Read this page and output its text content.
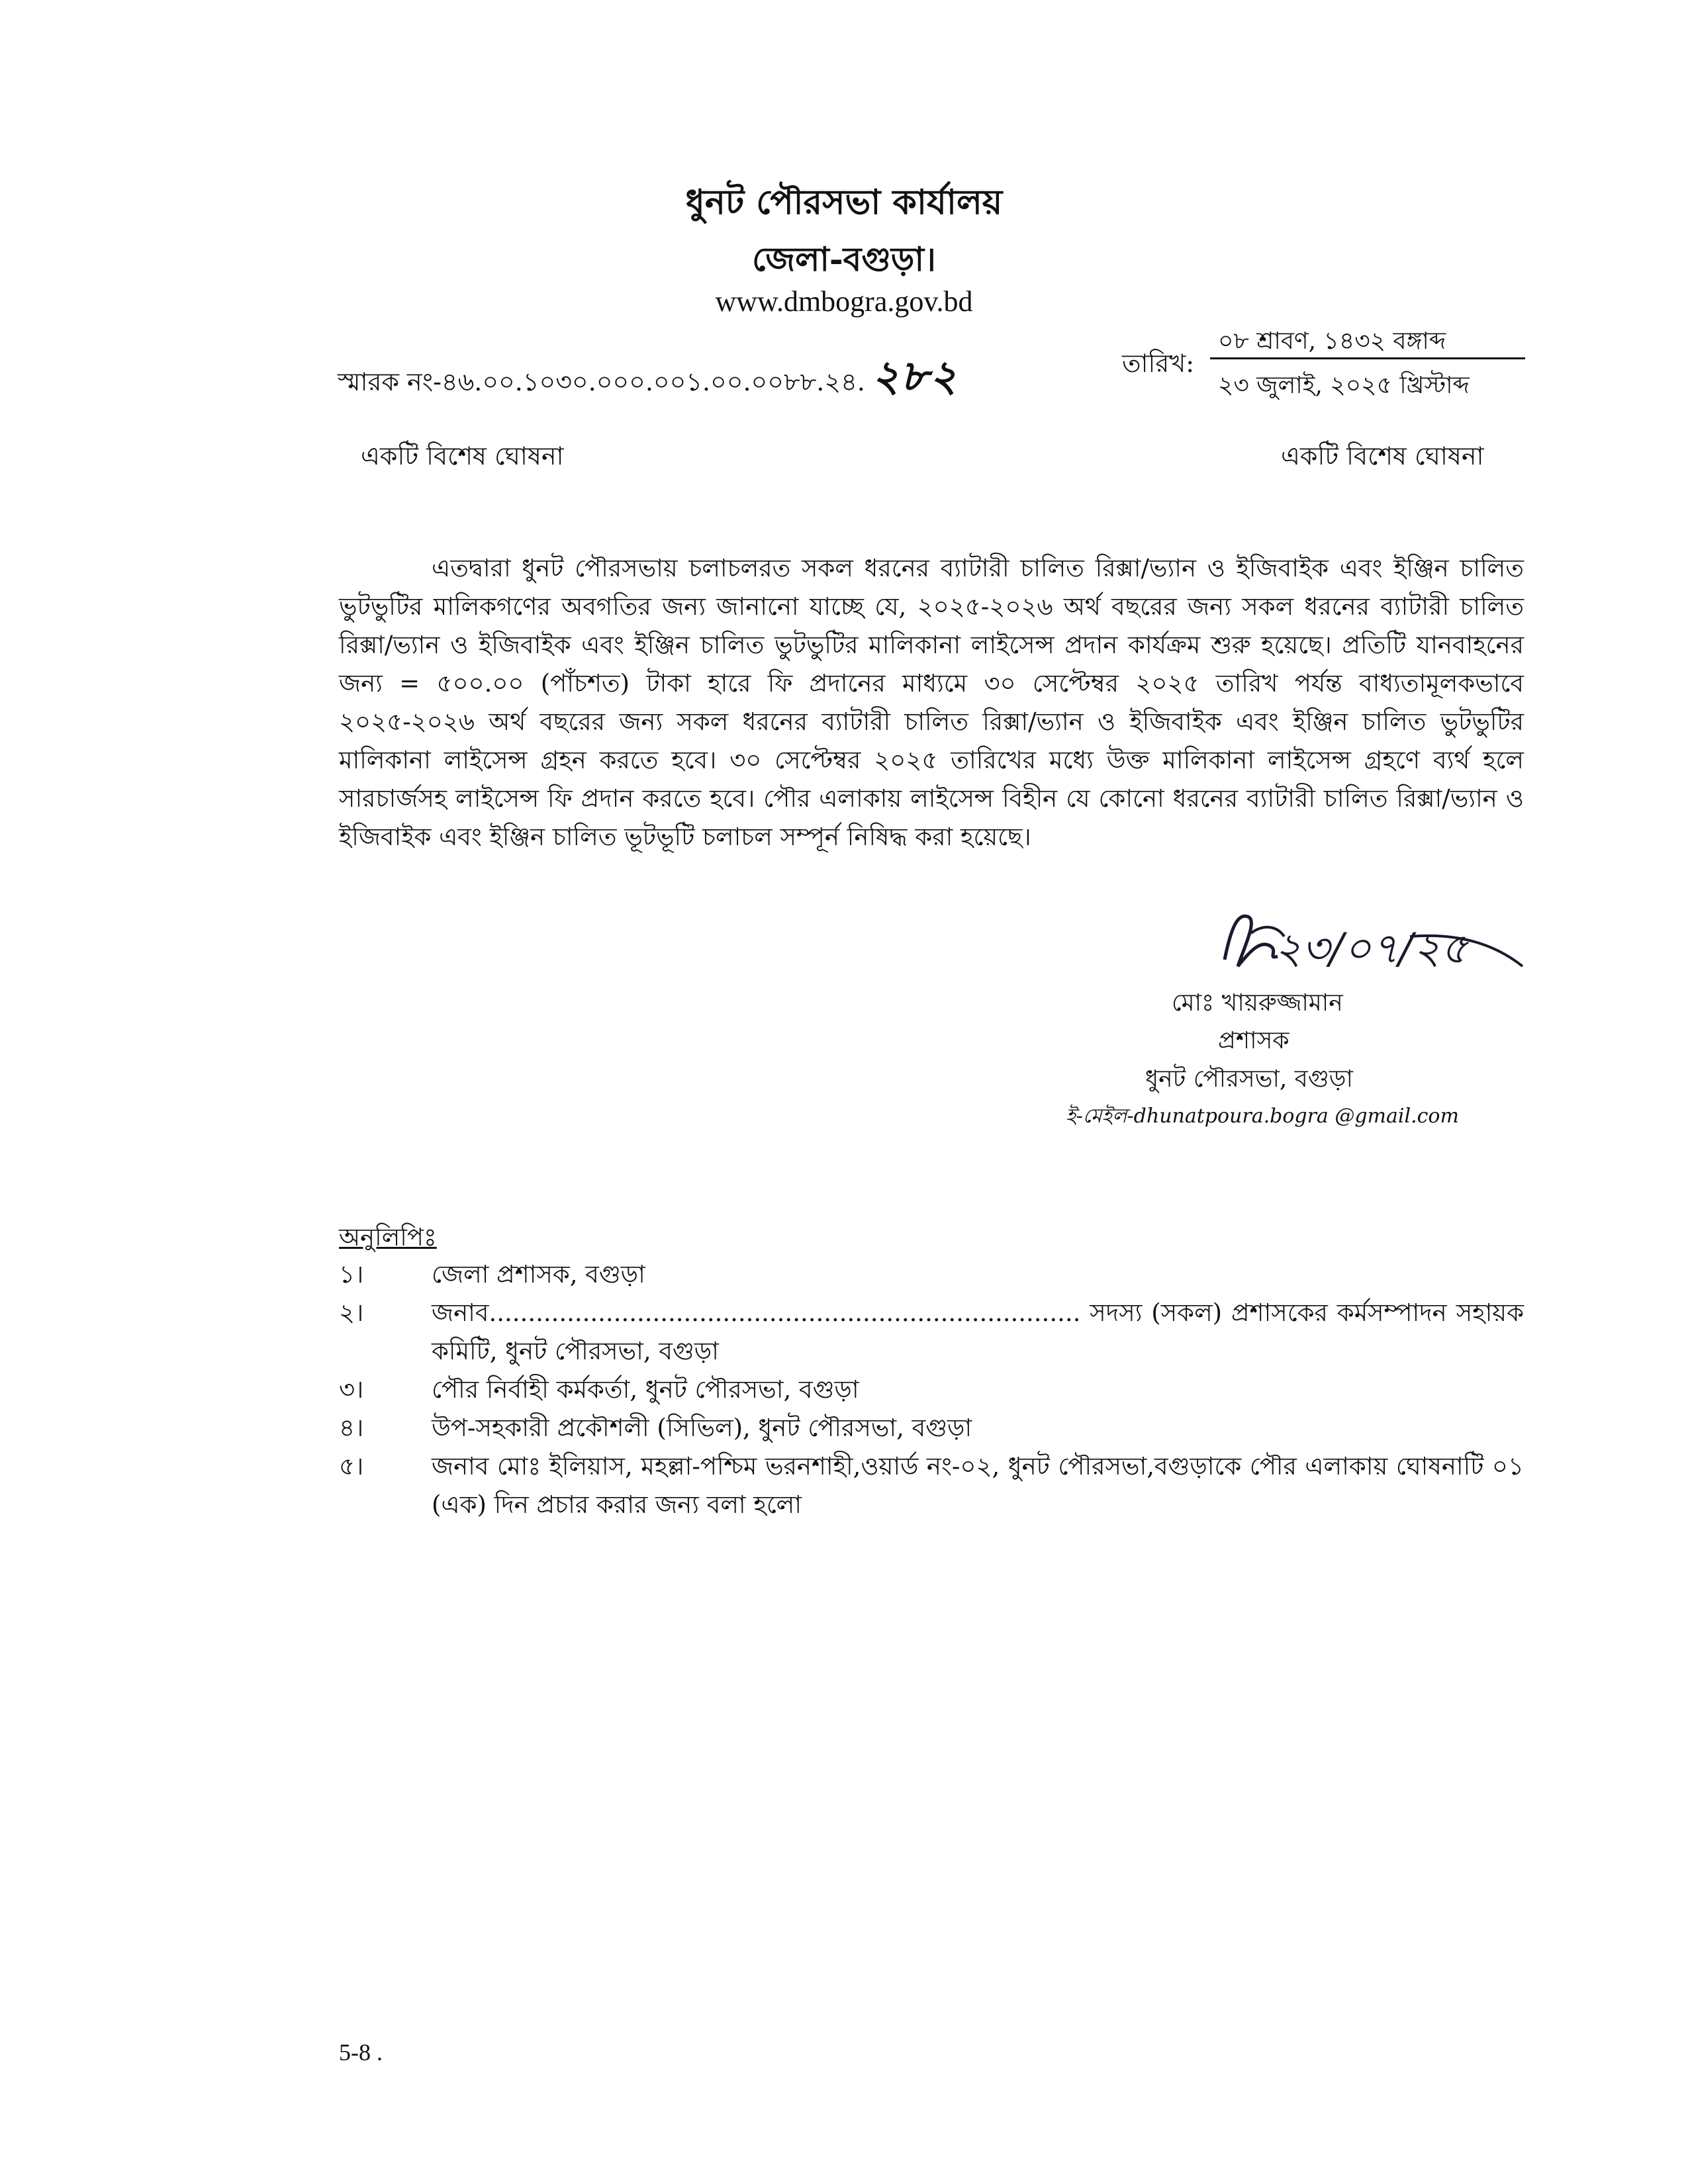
ধুনট পৌরসভা কার্যালয়
জেলা-বগুড়া।
www.dmbogra.gov.bd
স্মারক নং-৪৬.০০.১০৩০.০০০.০০১.০০.০০৮৮.২৪. ২৮২	তারিখ:
০৮ শ্রাবণ, ১৪৩২ বঙ্গাব্দ
২৩ জুলাই, ২০২৫ খ্রিস্টাব্দ
একটি বিশেষ ঘোষনা	একটি বিশেষ ঘোষনা
এতদ্বারা ধুনট পৌরসভায় চলাচলরত সকল ধরনের ব্যাটারী চালিত রিক্সা/ভ্যান ও ইজিবাইক এবং ইঞ্জিন চালিত ভুটভুটির মালিকগণের অবগতির জন্য জানানো যাচ্ছে যে, ২০২৫-২০২৬ অর্থ বছরের জন্য সকল ধরনের ব্যাটারী চালিত রিক্সা/ভ্যান ও ইজিবাইক এবং ইঞ্জিন চালিত ভুটভুটির মালিকানা লাইসেন্স প্রদান কার্যক্রম শুরু হয়েছে। প্রতিটি যানবাহনের জন্য = ৫০০.০০ (পাঁচশত) টাকা হারে ফি প্রদানের মাধ্যমে ৩০ সেপ্টেম্বর ২০২৫ তারিখ পর্যন্ত বাধ্যতামূলকভাবে ২০২৫-২০২৬ অর্থ বছরের জন্য সকল ধরনের ব্যাটারী চালিত রিক্সা/ভ্যান ও ইজিবাইক এবং ইঞ্জিন চালিত ভুটভুটির মালিকানা লাইসেন্স গ্রহন করতে হবে। ৩০ সেপ্টেম্বর ২০২৫ তারিখের মধ্যে উক্ত মালিকানা লাইসেন্স গ্রহণে ব্যর্থ হলে সারচার্জসহ লাইসেন্স ফি প্রদান করতে হবে। পৌর এলাকায় লাইসেন্স বিহীন যে কোনো ধরনের ব্যাটারী চালিত রিক্সা/ভ্যান ও ইজিবাইক এবং ইঞ্জিন চালিত ভূটভূটি চলাচল সম্পূর্ন নিষিদ্ধ করা হয়েছে।
২৩/০৭/২৫
মোঃ খায়রুজ্জামান
প্রশাসক
ধুনট পৌরসভা, বগুড়া
ই-মেইল-dhunatpoura.bogra @gmail.com
অনুলিপিঃ
১।	জেলা প্রশাসক, বগুড়া
২।	জনাব............................................................................ সদস্য (সকল) প্রশাসকের কর্মসম্পাদন সহায়ক কমিটি, ধুনট পৌরসভা, বগুড়া
৩।	পৌর নির্বাহী কর্মকর্তা, ধুনট পৌরসভা, বগুড়া
৪।	উপ-সহকারী প্রকৌশলী (সিভিল), ধুনট পৌরসভা, বগুড়া
৫।	জনাব মোঃ ইলিয়াস, মহল্লা-পশ্চিম ভরনশাহী,ওয়ার্ড নং-০২, ধুনট পৌরসভা,বগুড়াকে পৌর এলাকায় ঘোষনাটি ০১ (এক) দিন প্রচার করার জন্য বলা হলো
5-8 .
